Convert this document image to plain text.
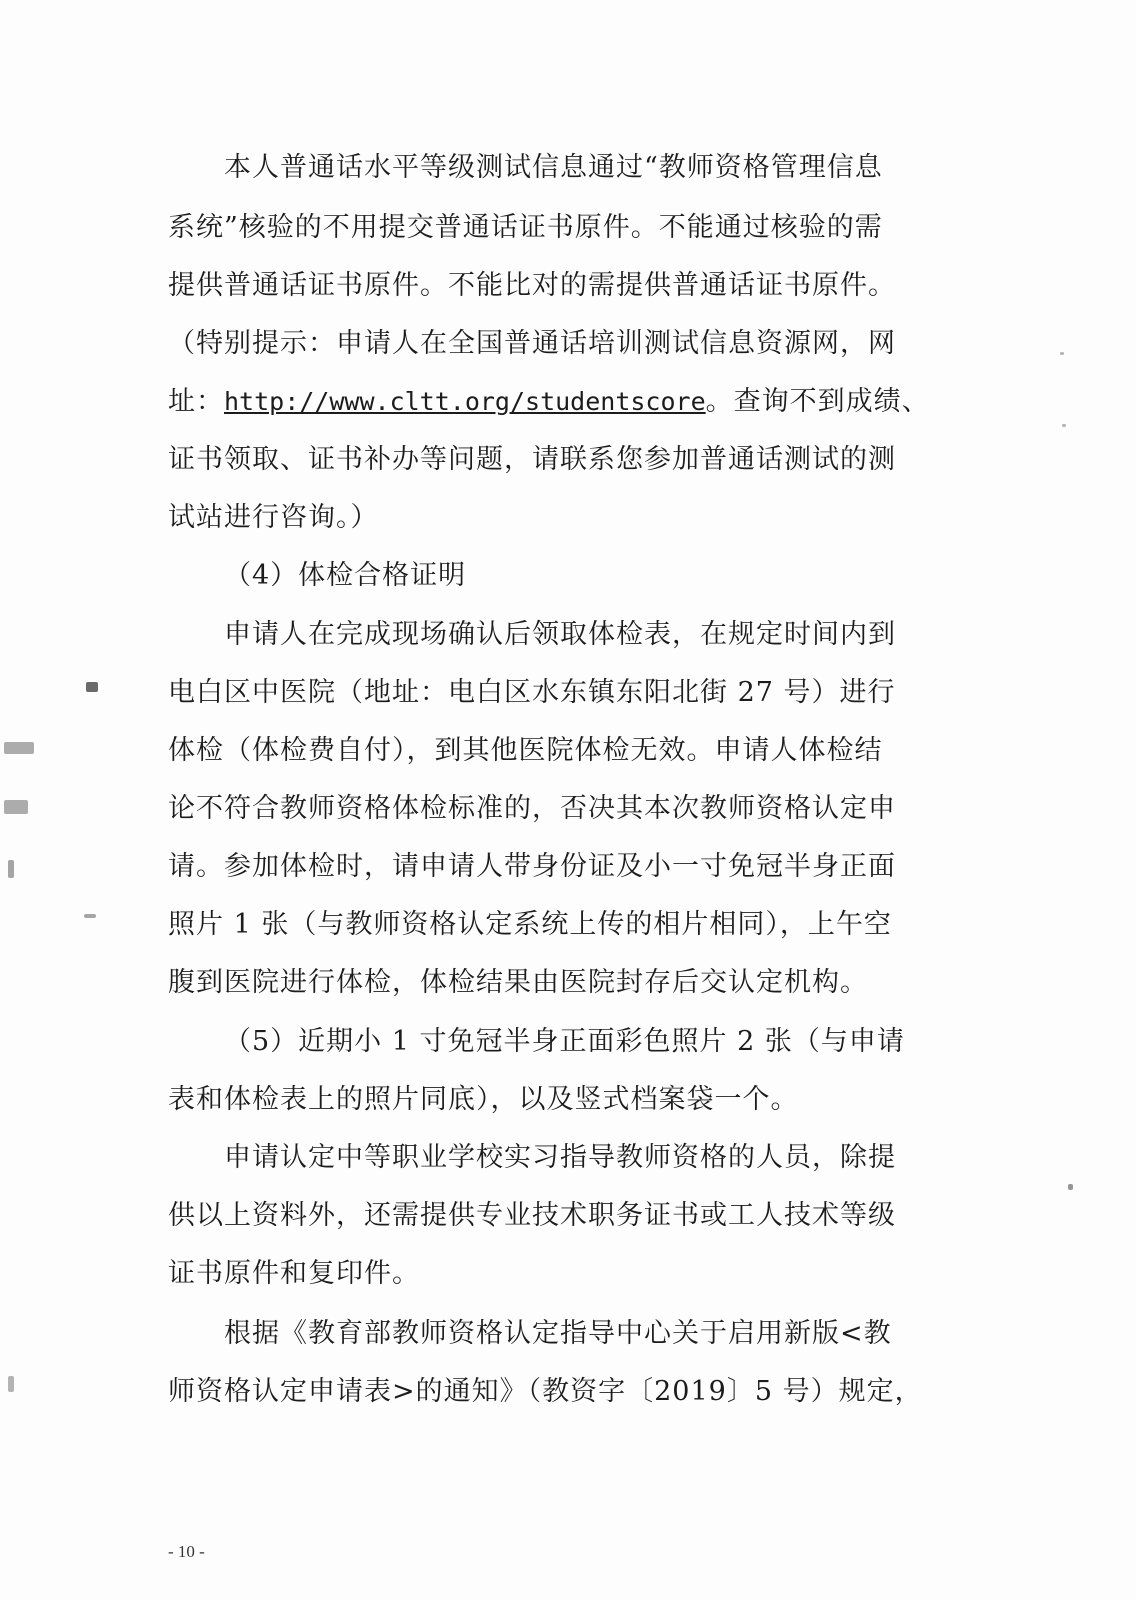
本人普通话水平等级测试信息通过“教师资格管理信息
系统”核验的不用提交普通话证书原件。不能通过核验的需
提供普通话证书原件。不能比对的需提供普通话证书原件。
（特别提示：申请人在全国普通话培训测试信息资源网，网
址：http://www.cltt.org/studentscore。查询不到成绩、
证书领取、证书补办等问题，请联系您参加普通话测试的测
试站进行咨询。）
（4）体检合格证明
申请人在完成现场确认后领取体检表，在规定时间内到
电白区中医院（地址：电白区水东镇东阳北街 27 号）进行
体检（体检费自付），到其他医院体检无效。申请人体检结
论不符合教师资格体检标准的，否决其本次教师资格认定申
请。参加体检时，请申请人带身份证及小一寸免冠半身正面
照片 1 张（与教师资格认定系统上传的相片相同），上午空
腹到医院进行体检，体检结果由医院封存后交认定机构。
（5）近期小 1 寸免冠半身正面彩色照片 2 张（与申请
表和体检表上的照片同底），以及竖式档案袋一个。
申请认定中等职业学校实习指导教师资格的人员，除提
供以上资料外，还需提供专业技术职务证书或工人技术等级
证书原件和复印件。
根据《教育部教师资格认定指导中心关于启用新版<教
师资格认定申请表>的通知》（教资字〔2019〕5 号）规定，
- 10 -
